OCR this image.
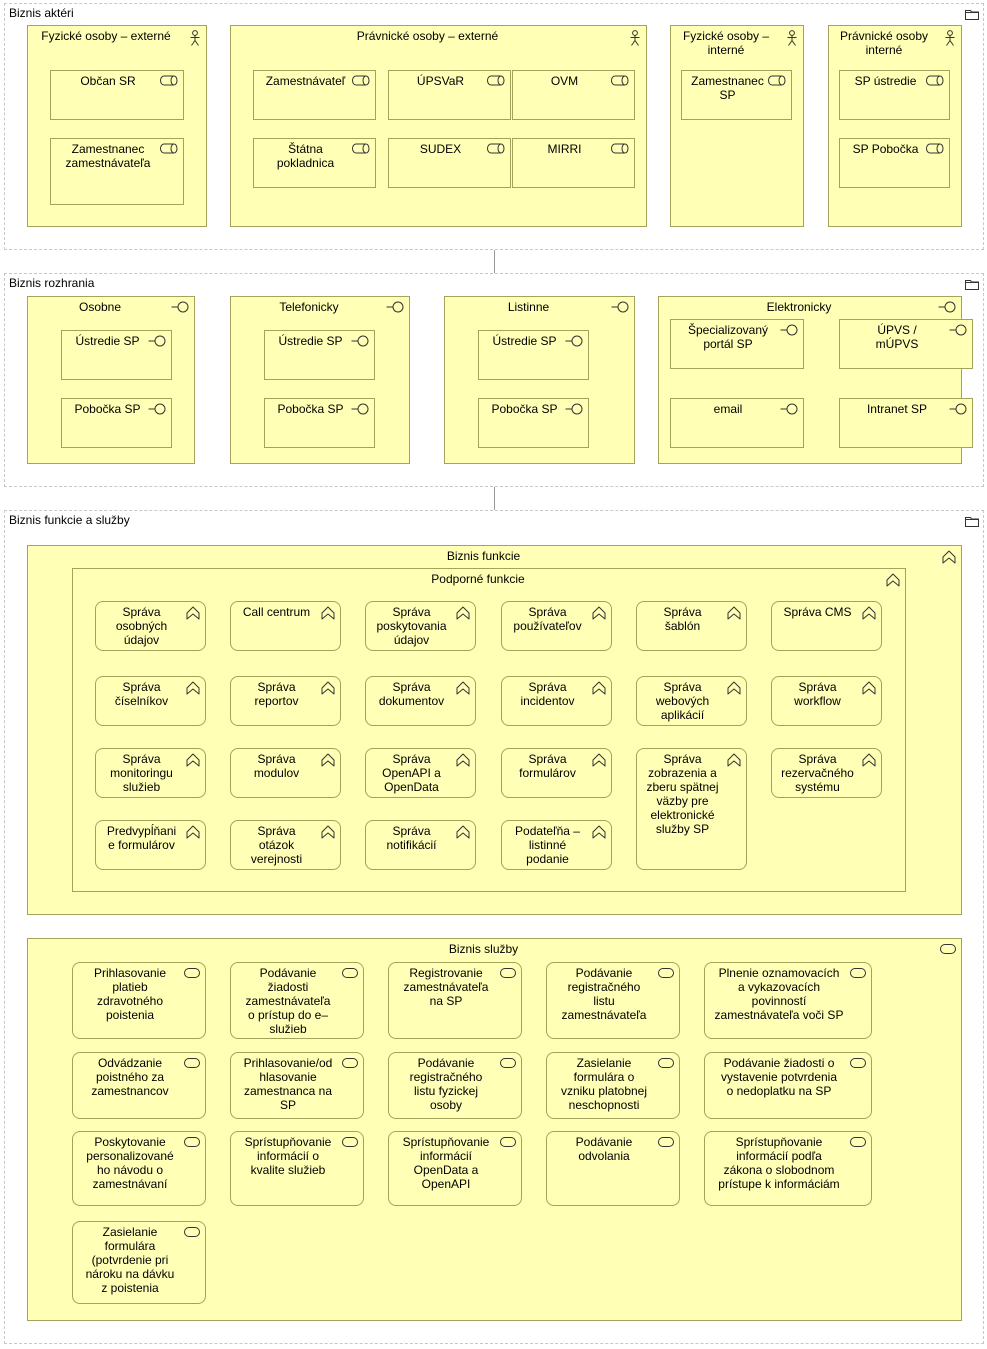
Biznis aktéri
Biznis rozhrania
Biznis funkcie a služby
Fyzické osoby – externé
Občan SR
Zamestnanec
zamestnávateľa
Právnické osoby – externé
Zamestnávateľ	ÚPSVaR	OVM
Štátna
pokladnica
SUDEX	MIRRI
Fyzické osoby –
interné
Zamestnanec
SP
Právnické osoby
interné
SP ústredie
SP Pobočka
Osobne
Ústredie SP
Pobočka SP
Telefonicky
Ústredie SP
Pobočka SP
Listinne
Ústredie SP
Pobočka SP
Elektronicky
Špecializovaný
portál SP
ÚPVS /
mÚPVS
email	Intranet SP
Biznis funkcie
Podporné funkcie
Správa
osobných
údajov
Call centrum	Správa
poskytovania
údajov
Správa
používateľov
Správa
šablón
Správa CMS
Správa
číselníkov
Správa
reportov
Správa
dokumentov
Správa
incidentov
Správa
webových
aplikácií
Správa
workflow
Správa
monitoringu
služieb
Správa
modulov
Správa
OpenAPI a
OpenData
Správa
formulárov
Správa
zobrazenia a
zberu spätnej
väzby pre
elektronické
služby SP
Správa
rezervačného
systému
Predvypĺňani
e formulárov
Správa
otázok
verejnosti
Správa
notifikácií
Podateľňa –
listinné
podanie
Biznis služby
Prihlasovanie
platieb
zdravotného
poistenia
Podávanie
žiadosti
zamestnávateľa
o prístup do e–
služieb
Registrovanie
zamestnávateľa
na SP
Podávanie
registračného
listu
zamestnávateľa
Plnenie oznamovacích
a vykazovacích
povinností
zamestnávateľa voči SP
Odvádzanie
poistného za
zamestnancov
Prihlasovanie/od
hlasovanie
zamestnanca na
SP
Podávanie
registračného
listu fyzickej
osoby
Zasielanie
formulára o
vzniku platobnej
neschopnosti
Podávanie žiadosti o
vystavenie potvrdenia
o nedoplatku na SP
Poskytovanie
personalizované
ho návodu o
zamestnávaní
Sprístupňovanie
informácií o
kvalite služieb
Sprístupňovanie
informácií
OpenData a
OpenAPI
Podávanie
odvolania
Sprístupňovanie
informácií podľa
zákona o slobodnom
prístupe k informáciám
Zasielanie
formulára
(potvrdenie pri
nároku na dávku
z poistenia
